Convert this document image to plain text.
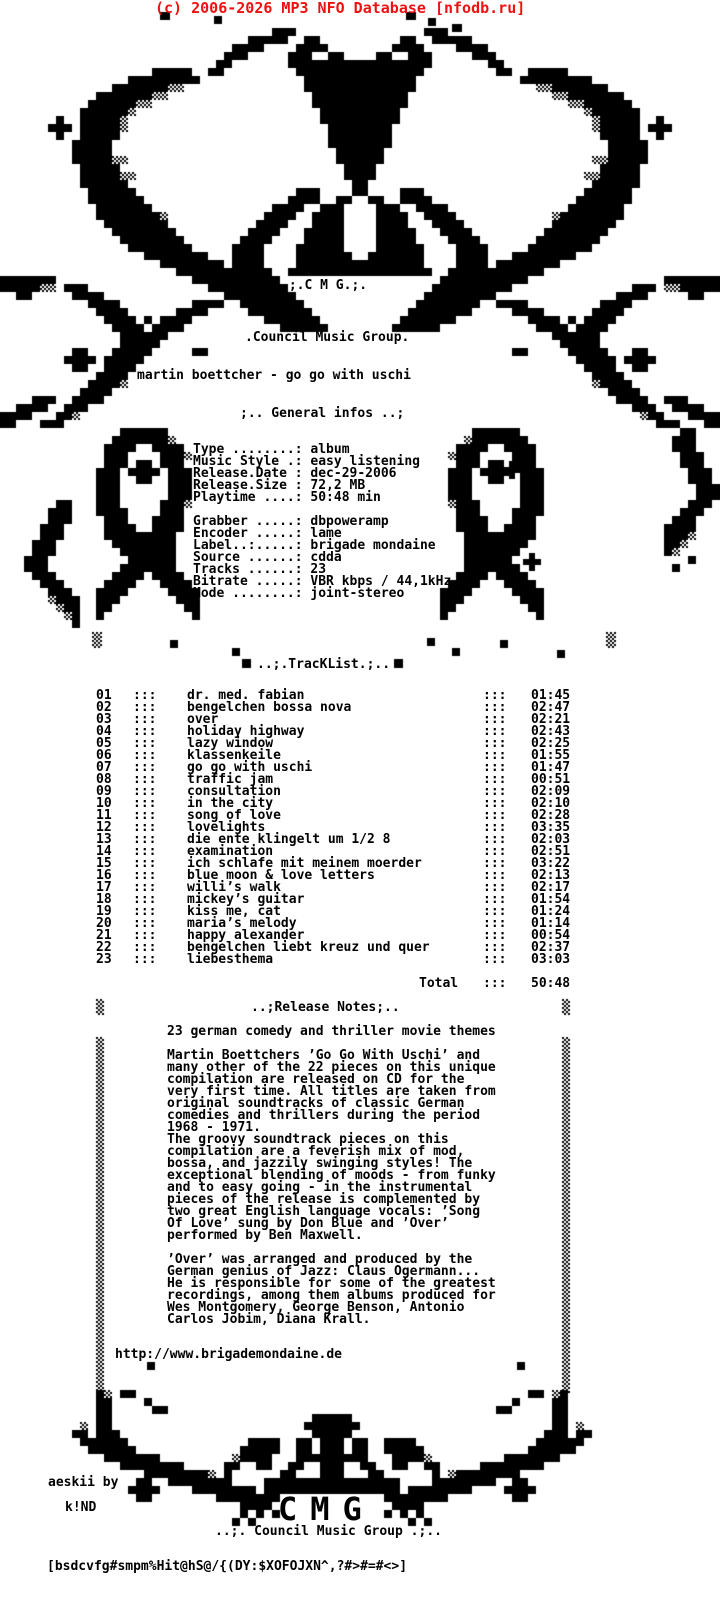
(c) 2006-2026 MP3 NFO Database [nfodb.ru]
.;.C M G.;.
.Council Music Group.
martin boettcher - go go with uschi
;.. General infos ..;
Type ........: album
Music Style .: easy listening
Release.Date : dec-29-2006
Release.Size : 72,2 MB
Playtime ....: 50:48 min
Grabber .....: dbpoweramp
Encoder .....: lame
Label..:.....: brigade mondaine
Source ......: cdda
Tracks ......: 23
Bitrate .....: VBR kbps / 44,1kHz
Mode ........: joint-stereo
..;.TracKList.;..
01 ::: dr. med. fabian	::: 01:45
02 ::: bengelchen bossa nova	::: 02:47
03 ::: over	::: 02:21
04 ::: holiday highway	::: 02:43
05 ::: lazy window	::: 02:25
06 ::: klassenkeile	::: 01:55
07 ::: go go with uschi	::: 01:47
08 ::: traffic jam	::: 00:51
09 ::: consultation	::: 02:09
10 ::: in the city	::: 02:10
11 ::: song of love	::: 02:28
12 ::: lovelights	::: 03:35
13 ::: die ente klingelt um 1/2 8	::: 02:03
14 ::: examination	::: 02:51
15 ::: ich schlafe mit meinem moerder	::: 03:22
16 ::: blue moon & love letters	::: 02:13
17 ::: willi’s walk	::: 02:17
18 ::: mickey’s guitar	::: 01:54
19 ::: kiss me, cat	::: 01:24
20 ::: maria’s melody	::: 01:14
21 ::: happy alexander	::: 00:54
22 ::: bengelchen liebt kreuz und quer	::: 02:37
23 ::: liebesthema	::: 03:03
Total ::: 50:48
..;Release Notes;..
23 german comedy and thriller movie themes
Martin Boettchers ’Go Go With Uschi’ and
many other of the 22 pieces on this unique
compilation are released on CD for the
very first time. All titles are taken from
original soundtracks of classic German
comedies and thrillers during the period
1968 - 1971.
The groovy soundtrack pieces on this
compilation are a feverish mix of mod,
bossa, and jazzily swinging styles! The
exceptional blending of moods - from funky
and to easy going - in the instrumental
pieces of the release is complemented by
two great English language vocals: ’Song
Of Love’ sung by Don Blue and ’Over’
performed by Ben Maxwell.
’Over’ was arranged and produced by the
German genius of Jazz: Claus Ogermann...
He is responsible for some of the greatest
recordings, among them albums produced for
Wes Montgomery, George Benson, Antonio
Carlos Jobim, Diana Krall.
http://www.brigademondaine.de
aeskii by
k!ND	CMG
..;. Council Music Group .;..
[bsdcvfg#smpm%Hit@hS@/{(DY:$XOFOJXN^,?#>#=#<>]
